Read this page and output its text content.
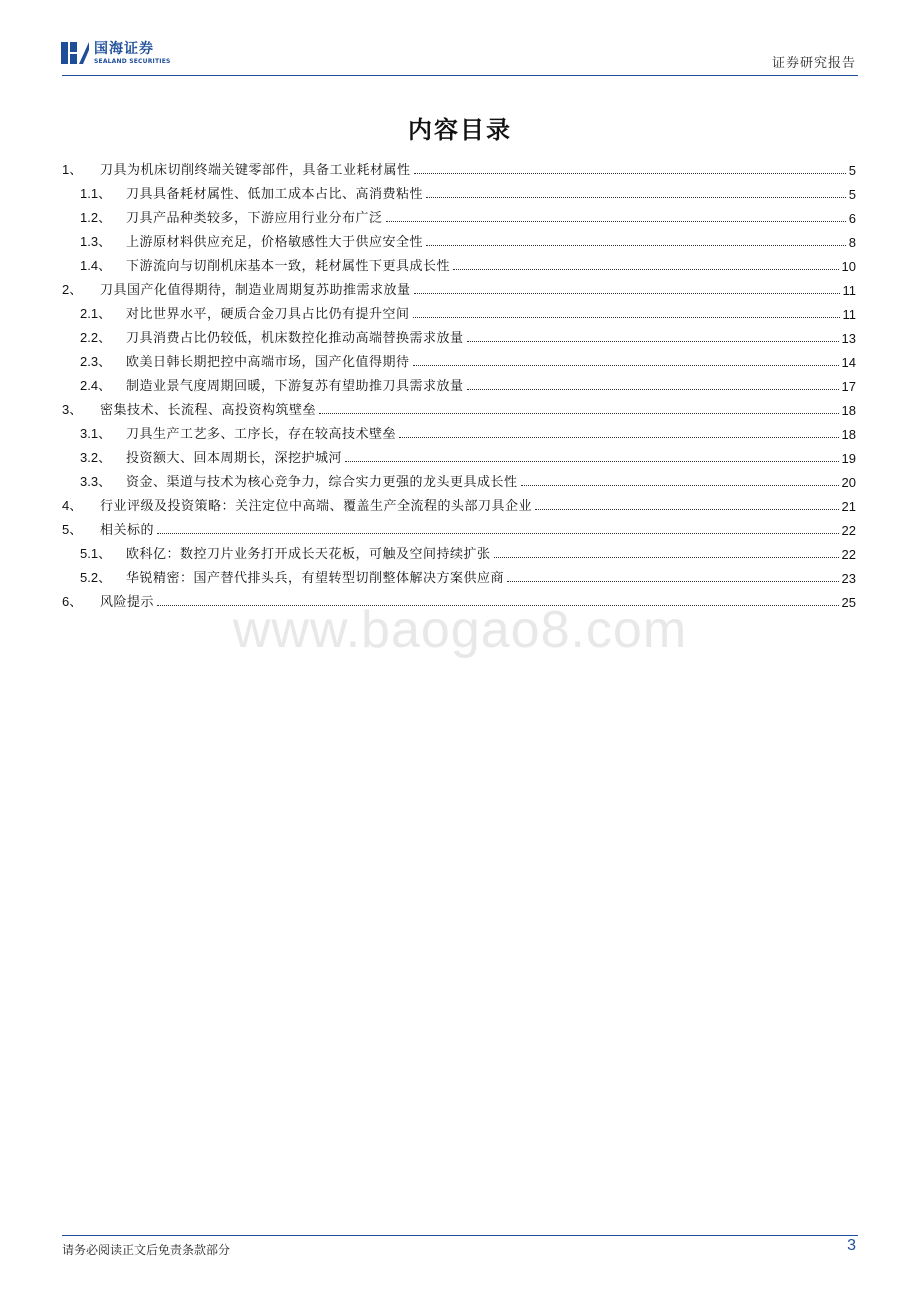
国海证券
SEALAND SECURITIES	证券研究报告
内容目录
1、	刀具为机床切削终端关键零部件，具备工业耗材属性	5
1.1、	刀具具备耗材属性、低加工成本占比、高消费粘性	5
1.2、	刀具产品种类较多，下游应用行业分布广泛	6
1.3、	上游原材料供应充足，价格敏感性大于供应安全性	8
1.4、	下游流向与切削机床基本一致，耗材属性下更具成长性	10
2、	刀具国产化值得期待，制造业周期复苏助推需求放量	11
2.1、	对比世界水平，硬质合金刀具占比仍有提升空间	11
2.2、	刀具消费占比仍较低，机床数控化推动高端替换需求放量	13
2.3、	欧美日韩长期把控中高端市场，国产化值得期待	14
2.4、	制造业景气度周期回暖，下游复苏有望助推刀具需求放量	17
3、	密集技术、长流程、高投资构筑壁垒	18
3.1、	刀具生产工艺多、工序长，存在较高技术壁垒	18
3.2、	投资额大、回本周期长，深挖护城河	19
3.3、	资金、渠道与技术为核心竞争力，综合实力更强的龙头更具成长性	20
4、	行业评级及投资策略：关注定位中高端、覆盖生产全流程的头部刀具企业	21
5、	相关标的	22
5.1、	欧科亿：数控刀片业务打开成长天花板，可触及空间持续扩张	22
5.2、	华锐精密：国产替代排头兵，有望转型切削整体解决方案供应商	23
6、	风险提示	25
www.baogao8.com
请务必阅读正文后免责条款部分	3
